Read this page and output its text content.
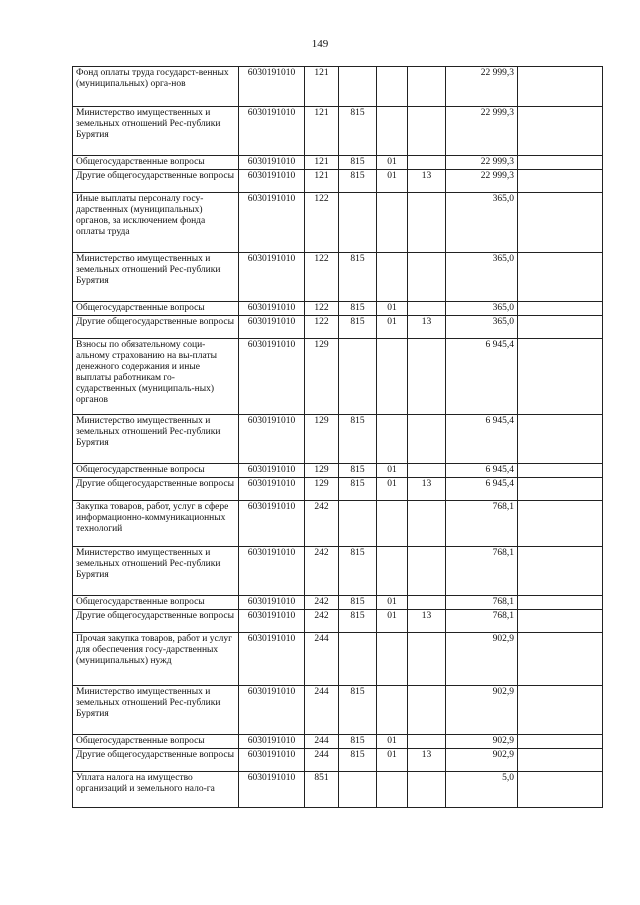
149
Фонд оплаты труда государст-венных (муниципальных) орга-нов	6030191010	121				22 999,3	
Министерство имущественных и земельных отношений Рес-публики Бурятия	6030191010	121	815			22 999,3	
Общегосударственные вопросы	6030191010	121	815	01		22 999,3	
Другие общегосударственные вопросы	6030191010	121	815	01	13	22 999,3	
Иные выплаты персоналу госу-дарственных (муниципальных) органов, за исключением фонда оплаты труда	6030191010	122				365,0	
Министерство имущественных и земельных отношений Рес-публики Бурятия	6030191010	122	815			365,0	
Общегосударственные вопросы	6030191010	122	815	01		365,0	
Другие общегосударственные вопросы	6030191010	122	815	01	13	365,0	
Взносы по обязательному соци-альному страхованию на вы-платы денежного содержания и иные выплаты работникам го-сударственных (муниципаль-ных) органов	6030191010	129				6 945,4	
Министерство имущественных и земельных отношений Рес-публики Бурятия	6030191010	129	815			6 945,4	
Общегосударственные вопросы	6030191010	129	815	01		6 945,4	
Другие общегосударственные вопросы	6030191010	129	815	01	13	6 945,4	
Закупка товаров, работ, услуг в сфере информационно-коммуникационных технологий	6030191010	242				768,1	
Министерство имущественных и земельных отношений Рес-публики Бурятия	6030191010	242	815			768,1	
Общегосударственные вопросы	6030191010	242	815	01		768,1	
Другие общегосударственные вопросы	6030191010	242	815	01	13	768,1	
Прочая закупка товаров, работ и услуг для обеспечения госу-дарственных (муниципальных) нужд	6030191010	244				902,9	
Министерство имущественных и земельных отношений Рес-публики Бурятия	6030191010	244	815			902,9	
Общегосударственные вопросы	6030191010	244	815	01		902,9	
Другие общегосударственные вопросы	6030191010	244	815	01	13	902,9	
Уплата налога на имущество организаций и земельного нало-га	6030191010	851				5,0	
